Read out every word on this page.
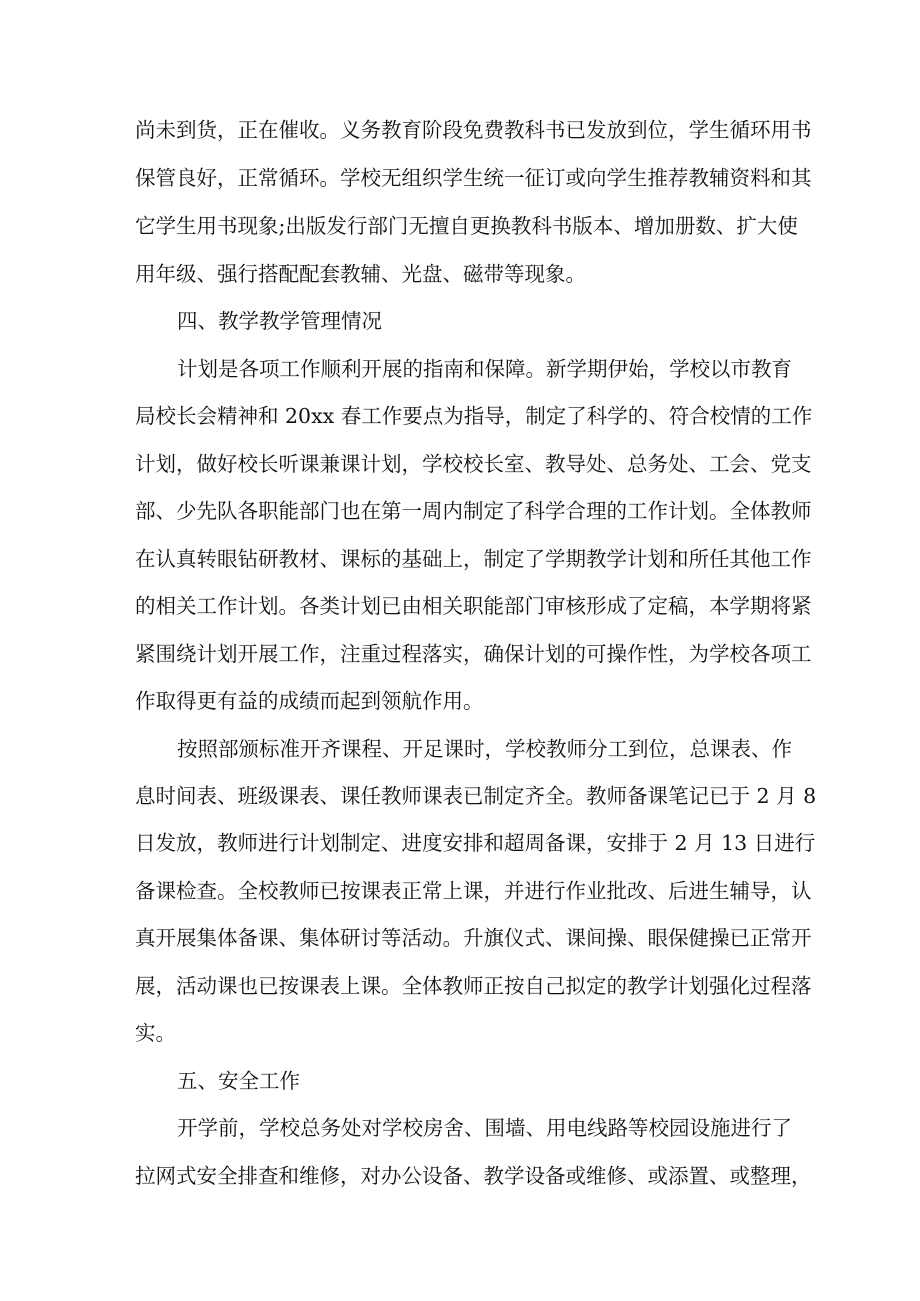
尚未到货，正在催收。义务教育阶段免费教科书已发放到位，学生循环用书
保管良好，正常循环。学校无组织学生统一征订或向学生推荐教辅资料和其
它学生用书现象;出版发行部门无擅自更换教科书版本、增加册数、扩大使
用年级、强行搭配配套教辅、光盘、磁带等现象。
四、教学教学管理情况
计划是各项工作顺利开展的指南和保障。新学期伊始，学校以市教育
局校长会精神和 20xx 春工作要点为指导，制定了科学的、符合校情的工作
计划，做好校长听课兼课计划，学校校长室、教导处、总务处、工会、党支
部、少先队各职能部门也在第一周内制定了科学合理的工作计划。全体教师
在认真转眼钻研教材、课标的基础上，制定了学期教学计划和所任其他工作
的相关工作计划。各类计划已由相关职能部门审核形成了定稿，本学期将紧
紧围绕计划开展工作，注重过程落实，确保计划的可操作性，为学校各项工
作取得更有益的成绩而起到领航作用。
按照部颁标准开齐课程、开足课时，学校教师分工到位，总课表、作
息时间表、班级课表、课任教师课表已制定齐全。教师备课笔记已于 2 月 8
日发放，教师进行计划制定、进度安排和超周备课，安排于 2 月 13 日进行
备课检查。全校教师已按课表正常上课，并进行作业批改、后进生辅导，认
真开展集体备课、集体研讨等活动。升旗仪式、课间操、眼保健操已正常开
展，活动课也已按课表上课。全体教师正按自己拟定的教学计划强化过程落
实。
五、安全工作
开学前，学校总务处对学校房舍、围墙、用电线路等校园设施进行了
拉网式安全排查和维修，对办公设备、教学设备或维修、或添置、或整理，
